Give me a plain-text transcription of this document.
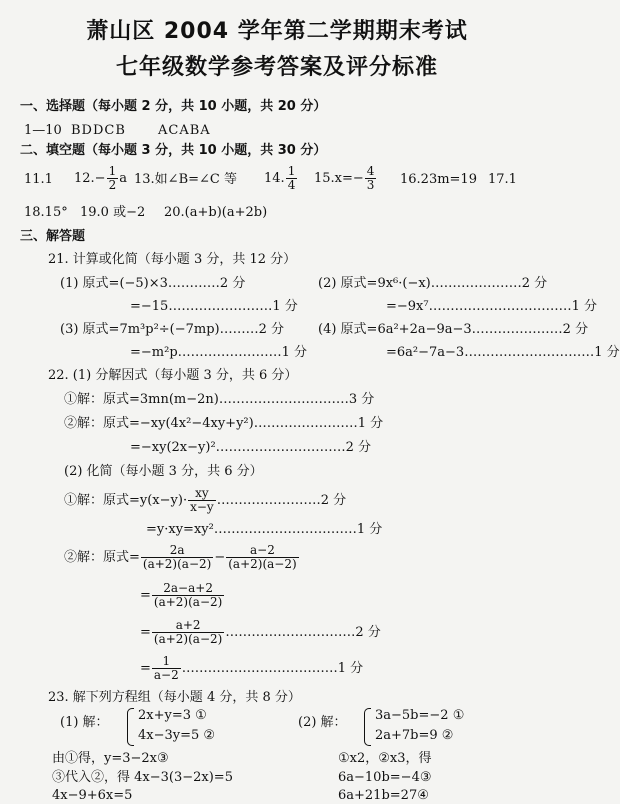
萧山区 2004 学年第二学期期末考试
七年级数学参考答案及评分标准
一、选择题（每小题 2 分，共 10 小题，共 20 分）
1—10 BDDCB ACABA
二、填空题（每小题 3 分，共 10 小题，共 30 分）
11.1 $12.- \frac{1}{2}$ a 13.如∠B=∠C 等 14. $\frac{1}{4} 15.x=- \frac{4}{3} 16.23m=19$ 17.1
18.15° 19.0 或−2 20.(a+b)(a+2b)
三、解答题
21. 计算或化简（每小题 3 分，共 12 分）
(1) 原式=(−5)×3…………2 分
=−15……………………1 分
(2) 原式=9x⁶·(−x)…………………2 分
=−9x⁷……………………………1 分
(3) 原式=7m³p²÷(−7mp)………2 分
=−m²p……………………1 分
(4) 原式=6a²+2a−9a−3…………………2 分
=6a²−7a−3…………………………1 分
22. (1) 分解因式（每小题 3 分，共 6 分）
①解：原式=3mn(m−2n)…………………………3 分
②解：原式=−xy(4x²−4xy+y²)……………………1 分
=−xy(2x−y)²…………………………2 分
(2) 化简（每小题 3 分，共 6 分）
①解：原式$=y(x-y)\cdot \frac{xy}{x-y}$ ……………………2 分
=y·xy=xy²……………………………1 分
②解：原式= $\frac{2a}{(a+2)(a-2)} - \frac{a-2}{(a+2)(a-2)}$
= $\frac{2a-a+2}{(a+2)(a-2)}$
= $\frac{a+2}{(a+2)(a-2)}$ …………………………2 分
= $\frac{1}{a-2}$ ………………………………1 分
23. 解下列方程组（每小题 4 分，共 8 分）
(1) 解： 2x+y=3 ①
4x−3y=5 ②
(2) 解： 3a−5b=−2 ①
2a+7b=9 ②
由①得，y=3−2x③
③代入②，得 4x−3(3−2x)=5
4x−9+6x=5
①x2，②x3，得
6a−10b=−4③
6a+21b=27④
